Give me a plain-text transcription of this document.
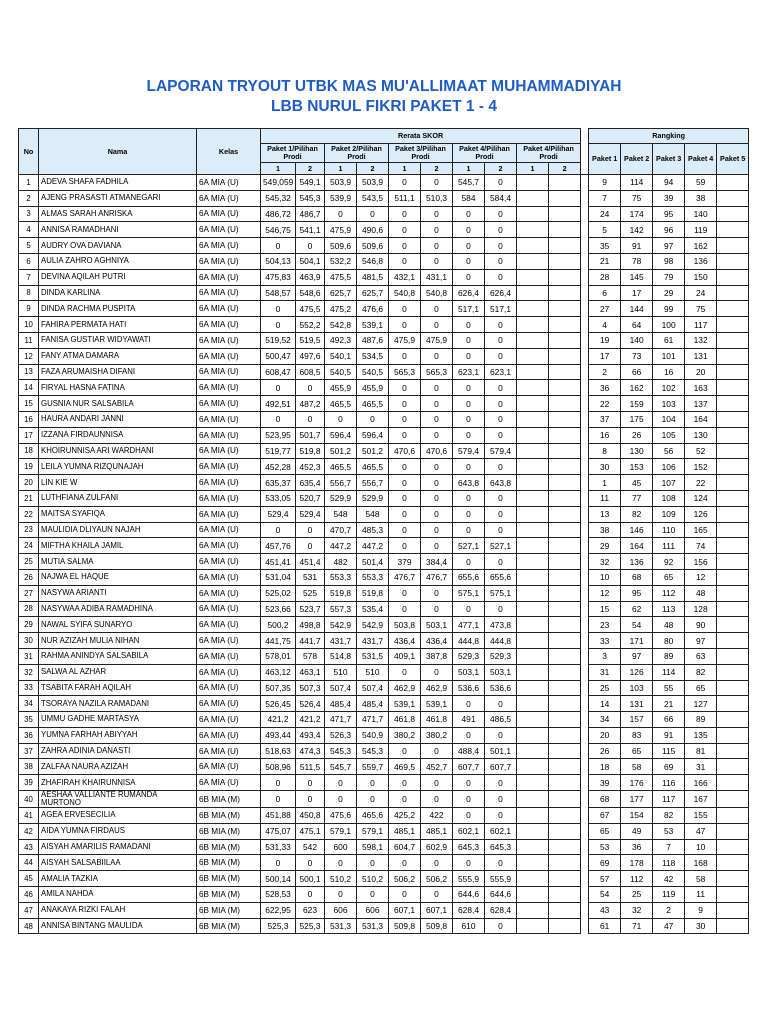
LAPORAN TRYOUT UTBK MAS MU'ALLIMAAT MUHAMMADIYAH
LBB NURUL FIKRI PAKET 1 - 4
No	Nama	Kelas	Rerata SKOR											Rangking				
			Paket 1/Pilihan Prodi		Paket 2/Pilihan Prodi		Paket 3/Pilihan Prodi		Paket 4/Pilihan Prodi		Paket 4/Pilihan Prodi			Paket 1	Paket 2	Paket 3	Paket 4	Paket 5
			1	2	1	2	1	2	1	2	1	2						
1	ADEVA SHAFA FADHILA	6A MIA (U)	549,059	549,1	503,9	503,9	0	0	545,7	0				9	114	94	59	
2	AJENG PRASASTI ATMANEGARI	6A MIA (U)	545,32	545,3	539,9	543,5	511,1	510,3	584	584,4				7	75	39	38	
3	ALMAS SARAH ANRISKA	6A MIA (U)	486,72	486,7	0	0	0	0	0	0				24	174	95	140	
4	ANNISA RAMADHANI	6A MIA (U)	546,75	541,1	475,9	490,6	0	0	0	0				5	142	96	119	
5	AUDRY OVA DAVIANA	6A MIA (U)	0	0	509,6	509,6	0	0	0	0				35	91	97	162	
6	AULIA ZAHRO AGHNIYA	6A MIA (U)	504,13	504,1	532,2	546,8	0	0	0	0				21	78	98	136	
7	DEVINA AQILAH PUTRI	6A MIA (U)	475,83	463,9	475,5	481,5	432,1	431,1	0	0				28	145	79	150	
8	DINDA KARLINA	6A MIA (U)	548,57	548,6	625,7	625,7	540,8	540,8	626,4	626,4				6	17	29	24	
9	DINDA RACHMA PUSPITA	6A MIA (U)	0	475,5	475,2	476,6	0	0	517,1	517,1				27	144	99	75	
10	FAHIRA PERMATA HATI	6A MIA (U)	0	552,2	542,8	539,1	0	0	0	0				4	64	100	117	
11	FANISA GUSTIAR WIDYAWATI	6A MIA (U)	519,52	519,5	492,3	487,6	475,9	475,9	0	0				19	140	61	132	
12	FANY ATMA DAMARA	6A MIA (U)	500,47	497,6	540,1	534,5	0	0	0	0				17	73	101	131	
13	FAZA ARUMAISHA DIFANI	6A MIA (U)	608,47	608,5	540,5	540,5	565,3	565,3	623,1	623,1				2	66	16	20	
14	FIRYAL HASNA FATINA	6A MIA (U)	0	0	455,9	455,9	0	0	0	0				36	162	102	163	
15	GUSNIA NUR SALSABILA	6A MIA (U)	492,51	487,2	465,5	465,5	0	0	0	0				22	159	103	137	
16	HAURA ANDARI JANNI	6A MIA (U)	0	0	0	0	0	0	0	0				37	175	104	164	
17	IZZANA FIRDAUNNISA	6A MIA (U)	523,95	501,7	596,4	596,4	0	0	0	0				16	26	105	130	
18	KHOIRUNNISA ARI WARDHANI	6A MIA (U)	519,77	519,8	501,2	501,2	470,6	470,6	579,4	579,4				8	130	56	52	
19	LEILA YUMNA RIZQUNAJAH	6A MIA (U)	452,28	452,3	465,5	465,5	0	0	0	0				30	153	106	152	
20	LIN KIE W	6A MIA (U)	635,37	635,4	556,7	556,7	0	0	643,8	643,8				1	45	107	22	
21	LUTHFIANA ZULFANI	6A MIA (U)	533,05	520,7	529,9	529,9	0	0	0	0				11	77	108	124	
22	MAITSA SYAFIQA	6A MIA (U)	529,4	529,4	548	548	0	0	0	0				13	82	109	126	
23	MAULIDIA DLIYAUN NAJAH	6A MIA (U)	0	0	470,7	485,3	0	0	0	0				38	146	110	165	
24	MIFTHA KHAILA JAMIL	6A MIA (U)	457,76	0	447,2	447,2	0	0	527,1	527,1				29	164	111	74	
25	MUTIA SALMA	6A MIA (U)	451,41	451,4	482	501,4	379	384,4	0	0				32	136	92	156	
26	NAJWA EL HAQUE	6A MIA (U)	531,04	531	553,3	553,3	476,7	476,7	655,6	655,6				10	68	65	12	
27	NASYWA ARIANTI	6A MIA (U)	525,02	525	519,8	519,8	0	0	575,1	575,1				12	95	112	48	
28	NASYWAA ADIBA RAMADHINA	6A MIA (U)	523,66	523,7	557,3	535,4	0	0	0	0				15	62	113	128	
29	NAWAL SYIFA SUNARYO	6A MIA (U)	500,2	498,8	542,9	542,9	503,8	503,1	477,1	473,8				23	54	48	90	
30	NUR AZIZAH MULIA NIHAN	6A MIA (U)	441,75	441,7	431,7	431,7	436,4	436,4	444,8	444,8				33	171	80	97	
31	RAHMA ANINDYA SALSABILA	6A MIA (U)	578,01	578	514,8	531,5	409,1	387,8	529,3	529,3				3	97	89	63	
32	SALWA AL AZHAR	6A MIA (U)	463,12	463,1	510	510	0	0	503,1	503,1				31	126	114	82	
33	TSABITA FARAH AQILAH	6A MIA (U)	507,35	507,3	507,4	507,4	462,9	462,9	536,6	536,6				25	103	55	65	
34	TSORAYA NAZILA RAMADANI	6A MIA (U)	526,45	526,4	485,4	485,4	539,1	539,1	0	0				14	131	21	127	
35	UMMU GADHE MARTASYA	6A MIA (U)	421,2	421,2	471,7	471,7	461,8	461,8	491	486,5				34	157	66	89	
36	YUMNA FARHAH ABIYYAH	6A MIA (U)	493,44	493,4	526,3	540,9	380,2	380,2	0	0				20	83	91	135	
37	ZAHRA ADINIA DANASTI	6A MIA (U)	518,63	474,3	545,3	545,3	0	0	488,4	501,1				26	65	115	81	
38	ZALFAA NAURA AZIZAH	6A MIA (U)	508,96	511,5	545,7	559,7	469,5	452,7	607,7	607,7				18	58	69	31	
39	ZHAFIRAH KHAIRUNNISA	6A MIA (U)	0	0	0	0	0	0	0	0				39	176	116	166	
40	AESHAA VALLIANTE RUMANDA MURTONO	6B MIA (M)	0	0	0	0	0	0	0	0				68	177	117	167	
41	AGEA ERVESECILIA	6B MIA (M)	451,88	450,8	475,6	465,6	425,2	422	0	0				67	154	82	155	
42	AIDA YUMNA FIRDAUS	6B MIA (M)	475,07	475,1	579,1	579,1	485,1	485,1	602,1	602,1				65	49	53	47	
43	AISYAH AMARILIS RAMADANI	6B MIA (M)	531,33	542	600	598,1	604,7	602,9	645,3	645,3				53	36	7	10	
44	AISYAH SALSABIILAA	6B MIA (M)	0	0	0	0	0	0	0	0				69	178	118	168	
45	AMALIA TAZKIA	6B MIA (M)	500,14	500,1	510,2	510,2	506,2	506,2	555,9	555,9				57	112	42	58	
46	AMILA NAHDA	6B MIA (M)	528,53	0	0	0	0	0	644,6	644,6				54	25	119	11	
47	ANAKAYA RIZKI FALAH	6B MIA (M)	622,95	623	606	606	607,1	607,1	628,4	628,4				43	32	2	9	
48	ANNISA BINTANG MAULIDA	6B MIA (M)	525,3	525,3	531,3	531,3	509,8	509,8	610	0				61	71	47	30	
